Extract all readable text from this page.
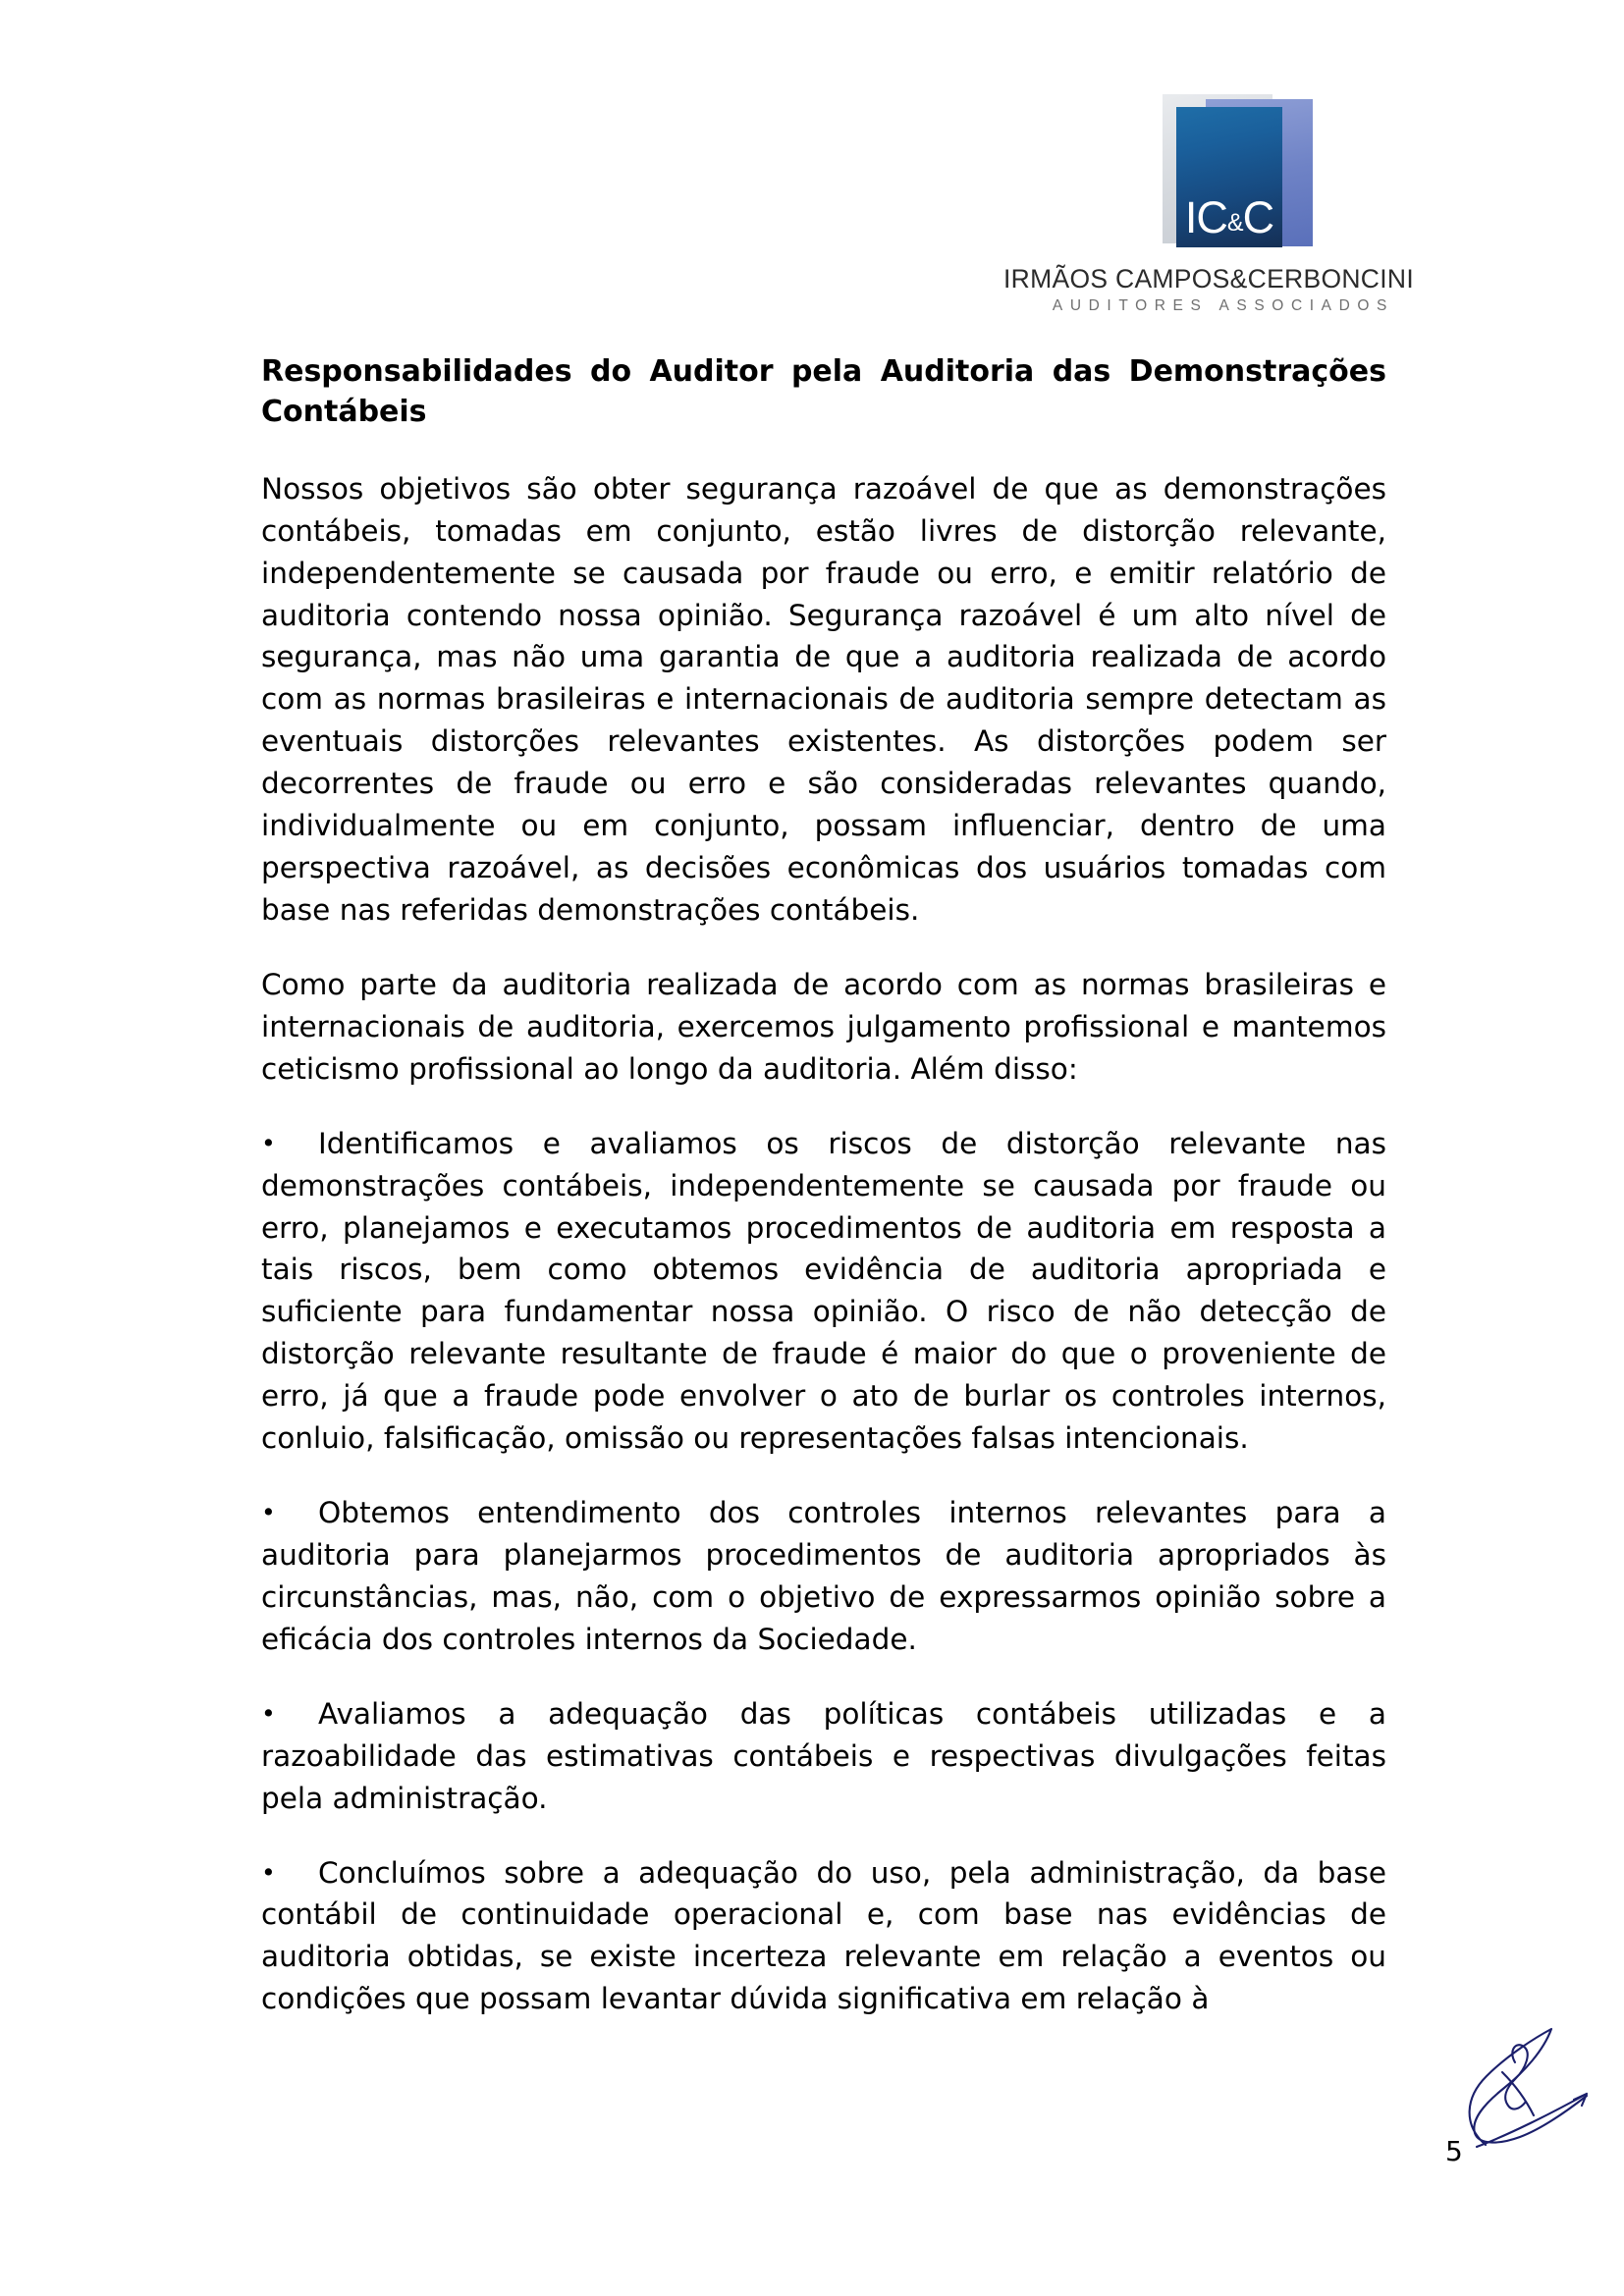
IC&C
IRMÃOS CAMPOS&CERBONCINI
AUDITORES ASSOCIADOS
Responsabilidades do Auditor pela Auditoria das Demonstrações Contábeis

Nossos objetivos são obter segurança razoável de que as demonstrações contábeis, tomadas em conjunto, estão livres de distorção relevante, independentemente se causada por fraude ou erro, e emitir relatório de auditoria contendo nossa opinião. Segurança razoável é um alto nível de segurança, mas não uma garantia de que a auditoria realizada de acordo com as normas brasileiras e internacionais de auditoria sempre detectam as eventuais distorções relevantes existentes. As distorções podem ser decorrentes de fraude ou erro e são consideradas relevantes quando, individualmente ou em conjunto, possam influenciar, dentro de uma perspectiva razoável, as decisões econômicas dos usuários tomadas com base nas referidas demonstrações contábeis.

Como parte da auditoria realizada de acordo com as normas brasileiras e internacionais de auditoria, exercemos julgamento profissional e mantemos ceticismo profissional ao longo da auditoria. Além disso:

• Identificamos e avaliamos os riscos de distorção relevante nas demonstrações contábeis, independentemente se causada por fraude ou erro, planejamos e executamos procedimentos de auditoria em resposta a tais riscos, bem como obtemos evidência de auditoria apropriada e suficiente para fundamentar nossa opinião. O risco de não detecção de distorção relevante resultante de fraude é maior do que o proveniente de erro, já que a fraude pode envolver o ato de burlar os controles internos, conluio, falsificação, omissão ou representações falsas intencionais.
• Obtemos entendimento dos controles internos relevantes para a auditoria para planejarmos procedimentos de auditoria apropriados às circunstâncias, mas, não, com o objetivo de expressarmos opinião sobre a eficácia dos controles internos da Sociedade.
• Avaliamos a adequação das políticas contábeis utilizadas e a razoabilidade das estimativas contábeis e respectivas divulgações feitas pela administração.
• Concluímos sobre a adequação do uso, pela administração, da base contábil de continuidade operacional e, com base nas evidências de auditoria obtidas, se existe incerteza relevante em relação a eventos ou condições que possam levantar dúvida significativa em relação à
5
